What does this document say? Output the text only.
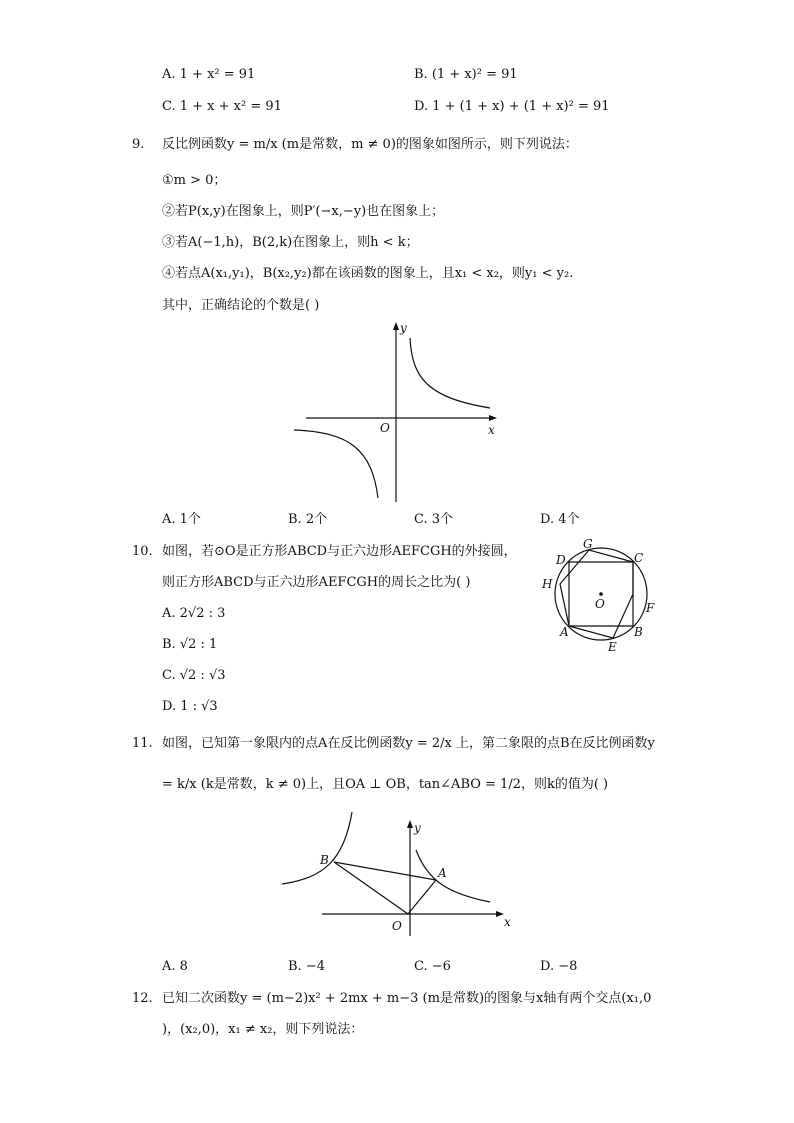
A. 1 + x² = 91	B. (1 + x)² = 91
C. 1 + x + x² = 91	D. 1 + (1 + x) + (1 + x)² = 91
9. 反比例函数y = m/x (m是常数，m ≠ 0)的图象如图所示，则下列说法：
①m > 0；
②若P(x,y)在图象上，则P′(−x,−y)也在图象上；
③若A(−1,h)，B(2,k)在图象上，则h < k；
④若点A(x₁,y₁)，B(x₂,y₂)都在该函数的图象上，且x₁ < x₂，则y₁ < y₂.
其中，正确结论的个数是( )
y
x
O
A. 1个	B. 2个	C. 3个	D. 4个
10. 如图，若⊙O是正方形ABCD与正六边形AEFCGH的外接圆，
则正方形ABCD与正六边形AEFCGH的周长之比为( )
A. 2√2 : 3
B. √2 : 1
C. √2 : √3
D. 1 : √3
G
C
D
H
O	F
A	B
E
11. 如图，已知第一象限内的点A在反比例函数y = 2/x 上，第二象限的点B在反比例函数y
= k/x (k是常数，k ≠ 0)上，且OA ⊥ OB，tan∠ABO = 1/2，则k的值为( )
y
x
O
A
B
A. 8	B. −4	C. −6	D. −8
12. 已知二次函数y = (m−2)x² + 2mx + m−3 (m是常数)的图象与x轴有两个交点(x₁,0
)，(x₂,0)，x₁ ≠ x₂，则下列说法：
